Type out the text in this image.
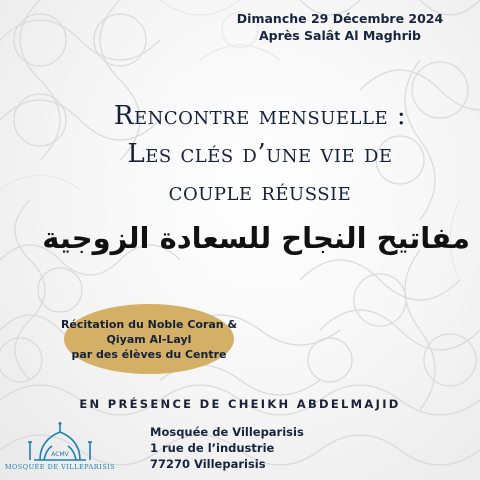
Dimanche 29 Décembre 2024
Après Salât Al Maghrib
Rencontre mensuelle :
Les clés d’une vie de
couple réussie
مفاتيح النجاح للسعادة الزوجية
Récitation du Noble Coran &
Qiyam Al-Layl
par des élèves du Centre
EN PRÉSENCE DE CHEIKH ABDELMAJID
ACMV
MOSQUÉE DE VILLEPARISIS
Mosquée de Villeparisis
1 rue de l’industrie
77270 Villeparisis
